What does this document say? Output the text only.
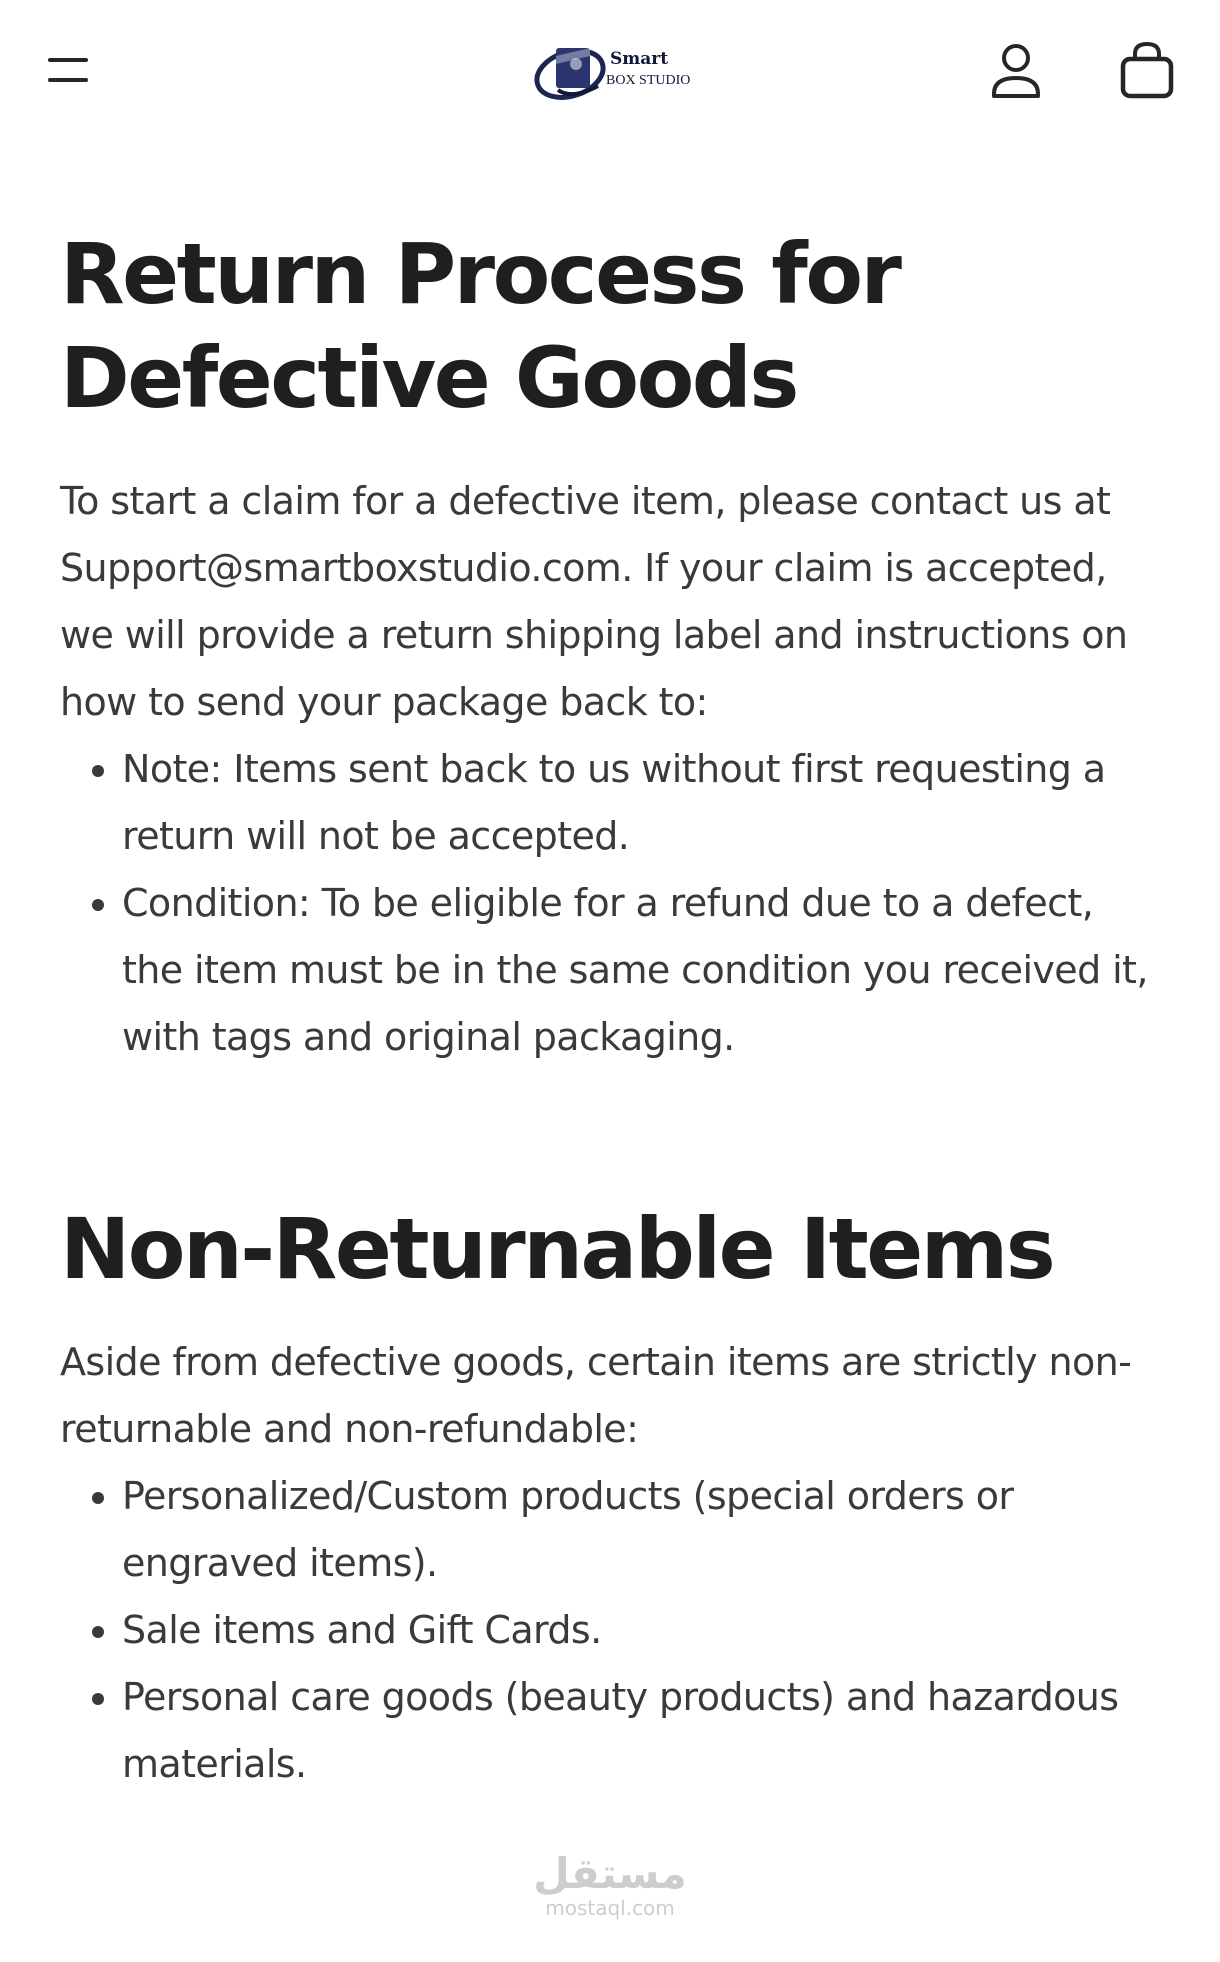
Smart
BOX STUDIO
Return Process for Defective Goods

To start a claim for a defective item, please contact us at Support@smartboxstudio.com. If your claim is accepted, we will provide a return shipping label and instructions on how to send your package back to:

• Note: Items sent back to us without first requesting a return will not be accepted.
• Condition: To be eligible for a refund due to a defect, the item must be in the same condition you received it, with tags and original packaging.
Non-Returnable Items

Aside from defective goods, certain items are strictly non-returnable and non-refundable:

• Personalized/Custom products (special orders or engraved items).
• Sale items and Gift Cards.
• Personal care goods (beauty products) and hazardous materials.
مستقل
mostaql.com
